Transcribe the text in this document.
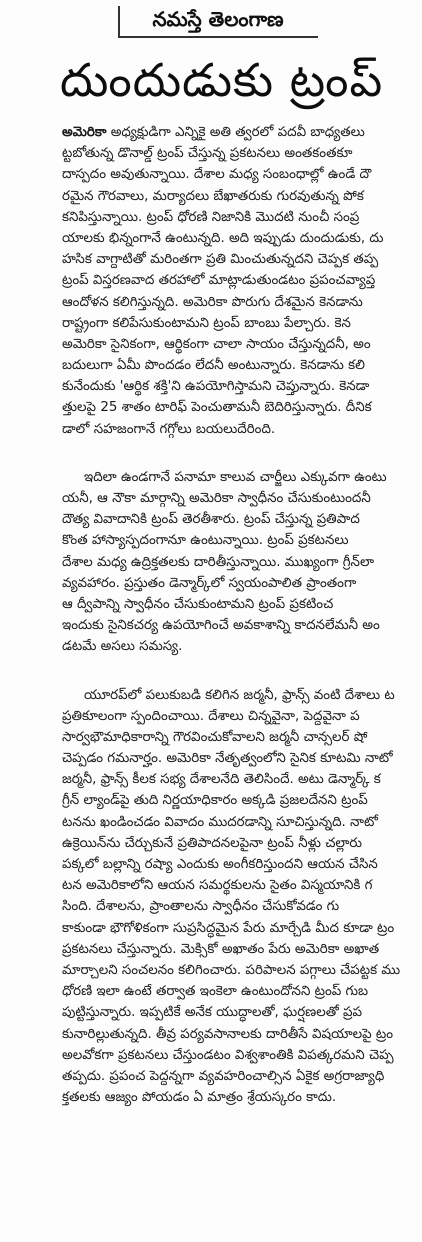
నమస్తే తెలంగాణ
దుందుడుకు ట్రంప్
అమెరికా అధ్యక్షుడిగా ఎన్నికై అతి త్వరలో పదవీ బాధ్యతలు
ట్టబోతున్న డొనాల్డ్ ట్రంప్ చేస్తున్న ప్రకటనలు అంతకంతకూ
దాస్పదం అవుతున్నాయి. దేశాల మధ్య సంబంధాల్లో ఉండే దౌ
రమైన గౌరవాలు, మర్యాదలు బేఖాతరుకు గురవుతున్న పోక
కనిపిస్తున్నాయి. ట్రంప్ ధోరణి నిజానికి మొదటి నుంచీ సంప్ర
యాలకు భిన్నంగానే ఉంటున్నది. అది ఇప్పుడు దుందుడుకు, దు
హసిక వాగ్దాటితో మరింతగా ప్రతి మించుతున్నదని చెప్పక తప్ప
ట్రంప్ విస్తరణవాద తరహాలో మాట్లాడుతుండటం ప్రపంచవ్యాప్త
ఆందోళన కలిగిస్తున్నది. అమెరికా పొరుగు దేశమైన కెనడాను
రాష్ట్రంగా కలిపేసుకుంటామని ట్రంప్ బాంబు పేల్చారు. కెన
అమెరికా సైనికంగా, ఆర్థికంగా చాలా సాయం చేస్తున్నదనీ, అం
బదులుగా ఏమీ పొందడం లేదనీ అంటున్నారు. కెనడాను కలి
కునేందుకు 'ఆర్థిక శక్తి'ని ఉపయోగిస్తామని చెప్తున్నారు. కెనడా
త్తులపై 25 శాతం టారిఫ్ పెంచుతామనీ బెదిరిస్తున్నారు. దీనిక
డాలో సహజంగానే గగ్గోలు బయలుదేరింది.
ఇదిలా ఉండగానే పనామా కాలువ చార్జీలు ఎక్కువగా ఉంటు
యనీ, ఆ నౌకా మార్గాన్ని అమెరికా స్వాధీనం చేసుకుంటుందనీ
దౌత్య వివాదానికి ట్రంప్ తెరతీశారు. ట్రంప్ చేస్తున్న ప్రతిపాద
కొంత హాస్యాస్పదంగానూ ఉంటున్నాయి. ట్రంప్ ప్రకటనలు
దేశాల మధ్య ఉద్రిక్తతలకు దారితీస్తున్నాయి. ముఖ్యంగా గ్రీన్‌లా
వ్యవహారం. ప్రస్తుతం డెన్మార్క్‌లో స్వయంపాలిత ప్రాంతంగా
ఆ ద్వీపాన్ని స్వాధీనం చేసుకుంటామని ట్రంప్ ప్రకటించ
ఇందుకు సైనికచర్య ఉపయోగించే అవకాశాన్ని కాదనలేమనీ అం
డటమే అసలు సమస్య.
యూరప్‌లో పలుకుబడి కలిగిన జర్మనీ, ఫ్రాన్స్ వంటి దేశాలు ట
ప్రతికూలంగా స్పందించాయి. దేశాలు చిన్నవైనా, పెద్దవైనా ప
సార్వభౌమాధికారాన్ని గౌరవించుకోవాలని జర్మనీ చాన్సలర్ షో
చెప్పడం గమనార్హం. అమెరికా నేతృత్వంలోని సైనిక కూటమి నాటో
జర్మనీ, ఫ్రాన్స్ కీలక సభ్య దేశాలనేది తెలిసిందే. అటు డెన్మార్క్ క
గ్రీన్ ల్యాండ్‌పై తుది నిర్ణయాధికారం అక్కడి ప్రజలదేనని ట్రంప్
టనను ఖండించడం వివాదం ముదరడాన్ని సూచిస్తున్నది. నాటో
ఉక్రెయిన్‌ను చేర్చుకునే ప్రతిపాదనలపైనా ట్రంప్ నీళ్లు చల్లారు
పక్కలో బల్లాన్ని రష్యా ఎందుకు అంగీకరిస్తుందని ఆయన చేసిన
టన అమెరికాలోని ఆయన సమర్థకులను సైతం విస్మయానికి గ
సింది. దేశాలను, ప్రాంతాలను స్వాధీనం చేసుకోవడం గు
కాకుండా భౌగోళికంగా సుప్రసిద్ధమైన పేరు మార్చేడి మీద కూడా ట్రం
ప్రకటనలు చేస్తున్నారు. మెక్సికో అఖాతం పేరు అమెరికా అఖాత
మార్చాలని సంచలనం కలిగించారు. పరిపాలన పగ్గాలు చేపట్టక ము
ధోరణి ఇలా ఉంటే తర్వాత ఇంకెలా ఉంటుందోనని ట్రంప్ గుబ
పుట్టిస్తున్నారు. ఇప్పటికే అనేక యుద్ధాలతో, ఘర్షణలతో ప్రప
కునారిల్లుతున్నది. తీవ్ర పర్యవసానాలకు దారితీసే విషయాలపై ట్రం
అలవోకగా ప్రకటనలు చేస్తుండటం విశ్వశాంతికి విపత్కరమని చెప్ప
తప్పదు. ప్రపంచ పెద్దన్నగా వ్యవహరించాల్సిన ఏకైక అగ్రరాజ్యాధి
క్తతలకు ఆజ్యం పోయడం ఏ మాత్రం శ్రేయస్కరం కాదు.
